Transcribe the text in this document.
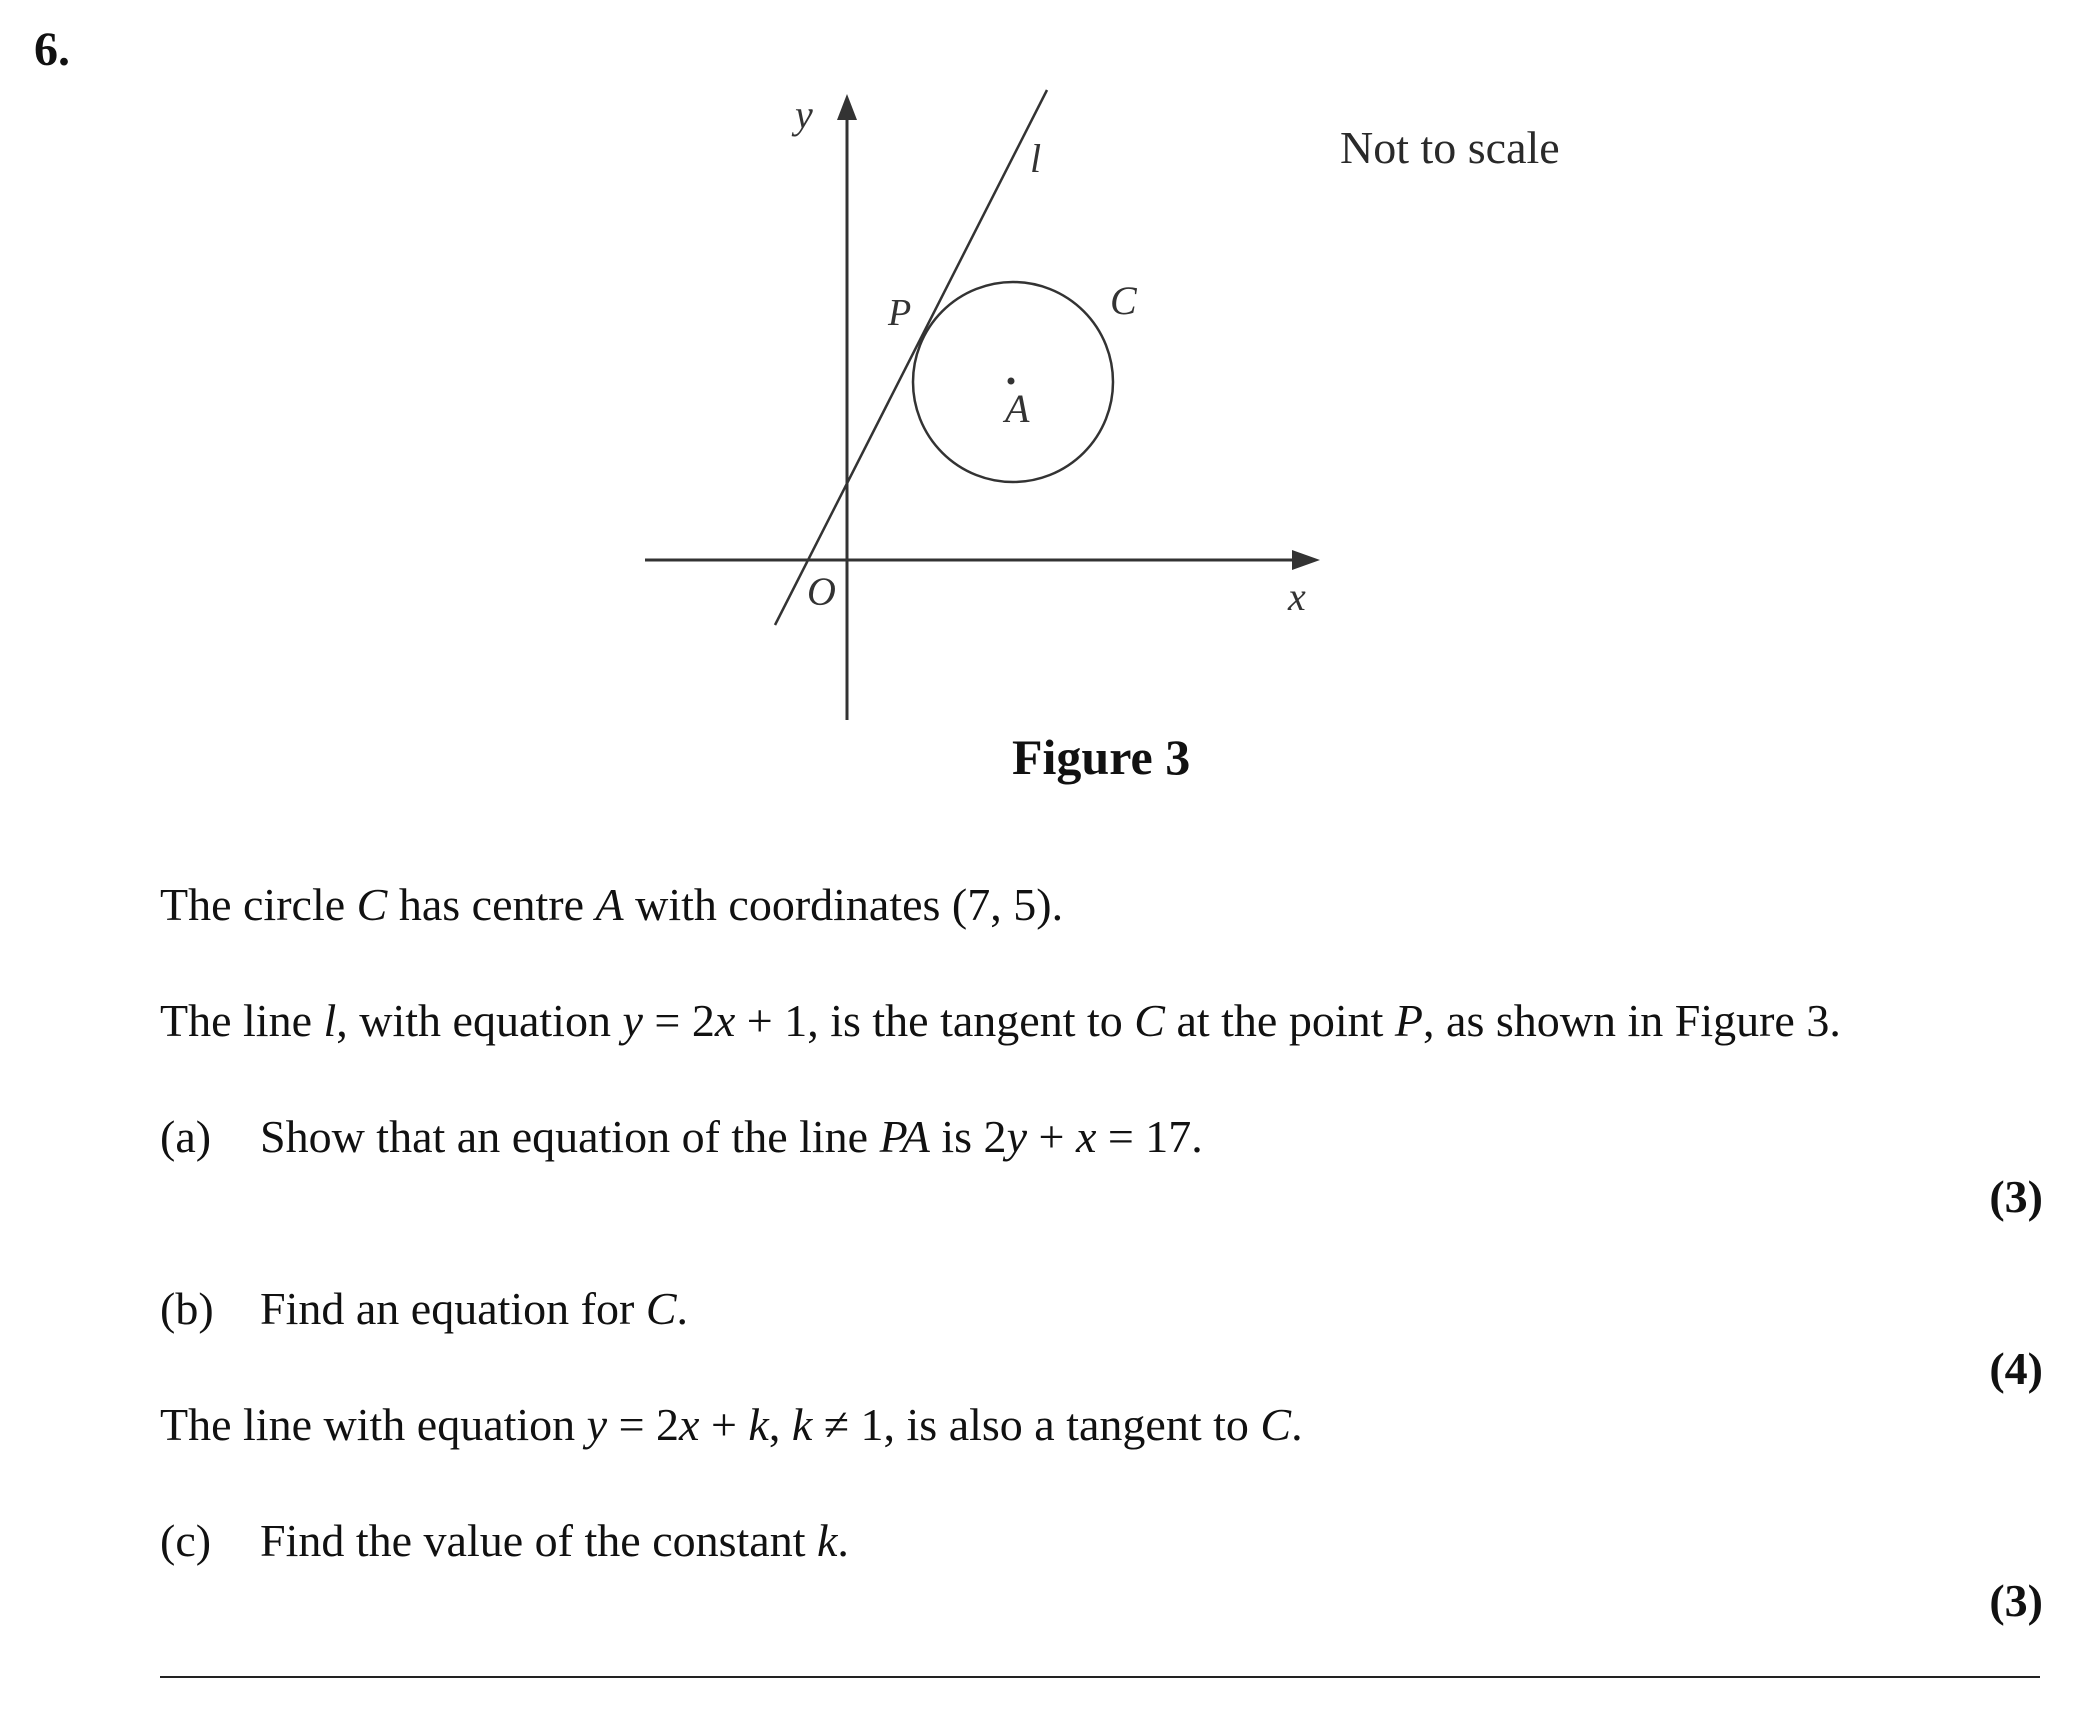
6.
y
l
P	C
A
O	x
Not to scale
Figure 3
The circle C has centre A with coordinates (7, 5).
The line l, with equation y = 2x + 1, is the tangent to C at the point P, as shown in Figure 3.
(a) Show that an equation of the line PA is 2y + x = 17.
(3)
(b) Find an equation for C.
(4)
The line with equation y = 2x + k, k ≠ 1, is also a tangent to C.
(c) Find the value of the constant k.
(3)
